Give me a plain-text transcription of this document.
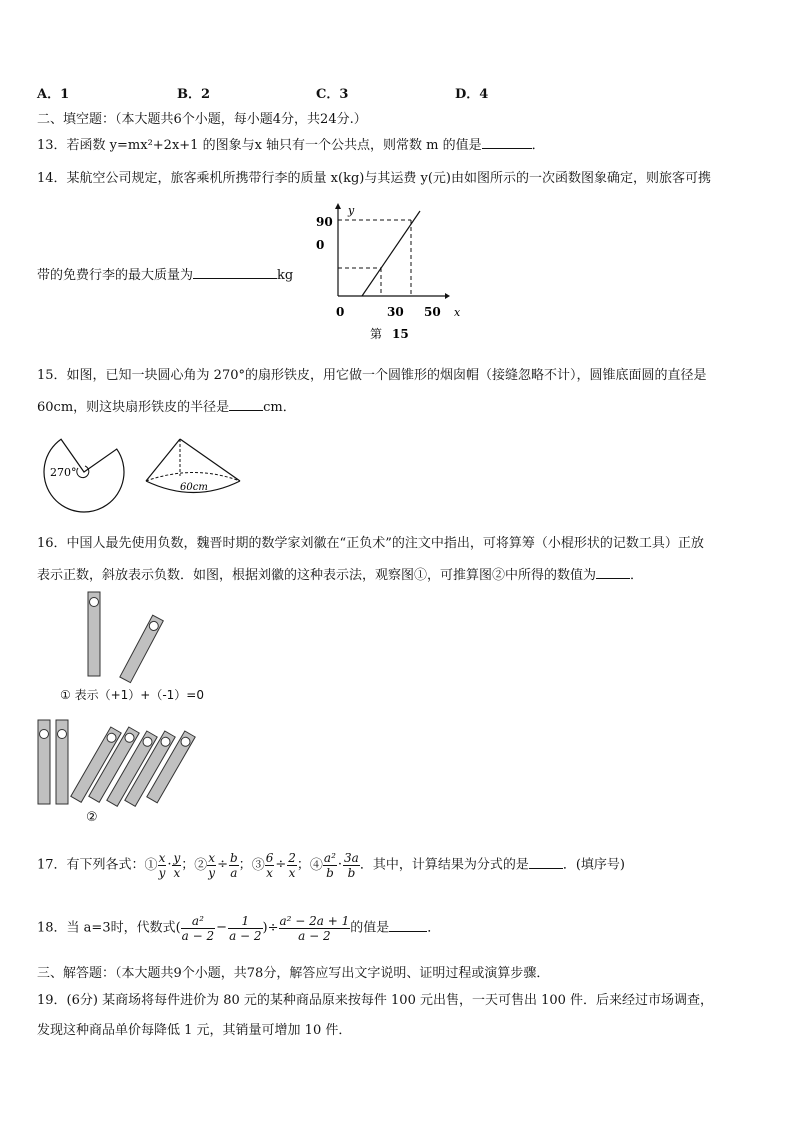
A．1	B．2	C．3	D．4
二、填空题：（本大题共6个小题，每小题4分，共24分.）
13．若函数 y=mx²+2x+1 的图象与x 轴只有一个公共点，则常数 m 的值是	．
14．某航空公司规定，旅客乘机所携带行李的质量 x(kg)与其运费 y(元)由如图所示的一次函数图象确定，则旅客可携
带的免费行李的最大质量为	kg
y
90
0
0	30 50 x
第 15
15．如图，已知一块圆心角为 270°的扇形铁皮，用它做一个圆锥形的烟囱帽（接缝忽略不计），圆锥底面圆的直径是
60cm，则这块扇形铁皮的半径是	cm．
270°
60cm
16．中国人最先使用负数，魏晋时期的数学家刘徽在“正负术”的注文中指出，可将算筹（小棍形状的记数工具）正放
表示正数，斜放表示负数．如图，根据刘徽的这种表示法，观察图①，可推算图②中所得的数值为	．
① 表示（+1）+（-1）=0
②
17．有下列各式：① $\frac{x}{y} \cdot \frac{y}{x}$ ；② $\frac{x}{y} \div \frac{b}{a}$ ；③ $\frac{6}{x} \div \frac{2}{x}$ ；④ $\frac{\text{a²}}{b} \cdot \frac{3a}{b}$ ．其中，计算结果为分式的是	．(填序号)
18．当 a=3时，代数式( $\frac{\text{a²}}{a - 2} - \frac{1}{a - 2}$ )÷ $\frac{\text{a² − 2a + 1}}{a - 2}$ 的值是	．
三、解答题：（本大题共9个小题，共78分，解答应写出文字说明、证明过程或演算步骤．
19．(6分) 某商场将每件进价为 80 元的某种商品原来按每件 100 元出售，一天可售出 100 件．后来经过市场调查，
发现这种商品单价每降低 1 元，其销量可增加 10 件．
